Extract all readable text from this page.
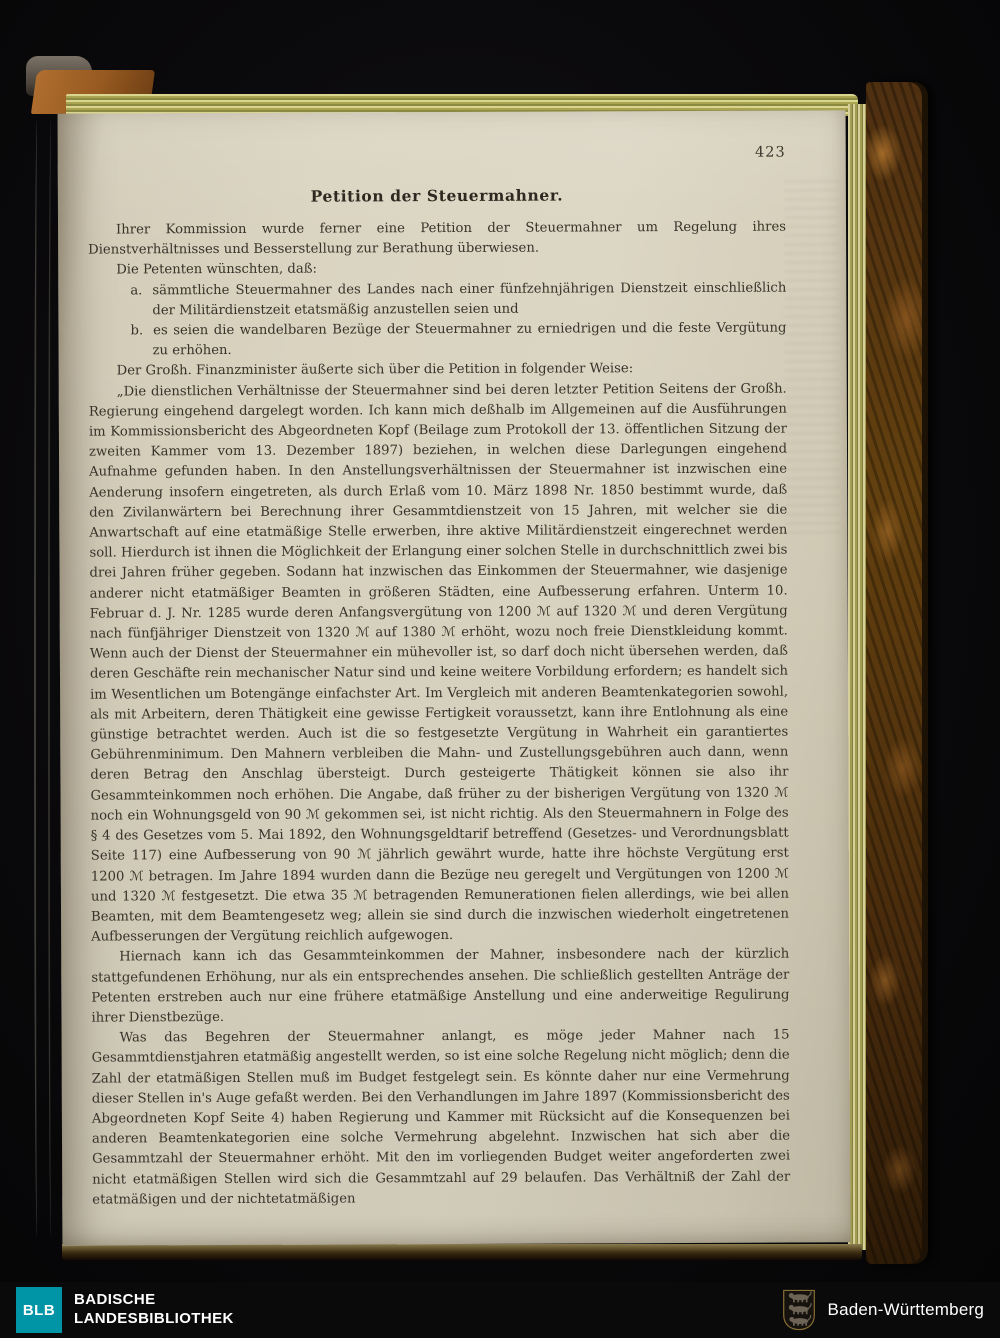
423
Petition der Steuermahner.

Ihrer Kommission wurde ferner eine Petition der Steuermahner um Regelung ihres Dienstverhältnisses und Besserstellung zur Berathung überwiesen.

Die Petenten wünschten, daß:

a. sämmtliche Steuermahner des Landes nach einer fünfzehnjährigen Dienstzeit einschließlich der Militärdienstzeit etatsmäßig anzustellen seien und

b. es seien die wandelbaren Bezüge der Steuermahner zu erniedrigen und die feste Vergütung zu erhöhen.

Der Großh. Finanzminister äußerte sich über die Petition in folgender Weise:

„Die dienstlichen Verhältnisse der Steuermahner sind bei deren letzter Petition Seitens der Großh. Regierung eingehend dargelegt worden. Ich kann mich deßhalb im Allgemeinen auf die Ausführungen im Kommissionsbericht des Abgeordneten Kopf (Beilage zum Protokoll der 13. öffentlichen Sitzung der zweiten Kammer vom 13. Dezember 1897) beziehen, in welchen diese Darlegungen eingehend Aufnahme gefunden haben. In den Anstellungsverhältnissen der Steuermahner ist inzwischen eine Aenderung insofern eingetreten, als durch Erlaß vom 10. März 1898 Nr. 1850 bestimmt wurde, daß den Zivilanwärtern bei Berechnung ihrer Gesammtdienstzeit von 15 Jahren, mit welcher sie die Anwartschaft auf eine etatmäßige Stelle erwerben, ihre aktive Militärdienstzeit eingerechnet werden soll. Hierdurch ist ihnen die Möglichkeit der Erlangung einer solchen Stelle in durchschnittlich zwei bis drei Jahren früher gegeben. Sodann hat inzwischen das Einkommen der Steuermahner, wie dasjenige anderer nicht etatmäßiger Beamten in größeren Städten, eine Aufbesserung erfahren. Unterm 10. Februar d. J. Nr. 1285 wurde deren Anfangsvergütung von 1200 ℳ auf 1320 ℳ und deren Vergütung nach fünfjähriger Dienstzeit von 1320 ℳ auf 1380 ℳ erhöht, wozu noch freie Dienstkleidung kommt. Wenn auch der Dienst der Steuermahner ein mühevoller ist, so darf doch nicht übersehen werden, daß deren Geschäfte rein mechanischer Natur sind und keine weitere Vorbildung erfordern; es handelt sich im Wesentlichen um Botengänge einfachster Art. Im Vergleich mit anderen Beamtenkategorien sowohl, als mit Arbeitern, deren Thätigkeit eine gewisse Fertigkeit voraussetzt, kann ihre Entlohnung als eine günstige betrachtet werden. Auch ist die so festgesetzte Vergütung in Wahrheit ein garantiertes Gebührenminimum. Den Mahnern verbleiben die Mahn- und Zustellungsgebühren auch dann, wenn deren Betrag den Anschlag übersteigt. Durch gesteigerte Thätigkeit können sie also ihr Gesammteinkommen noch erhöhen. Die Angabe, daß früher zu der bisherigen Vergütung von 1320 ℳ noch ein Wohnungsgeld von 90 ℳ gekommen sei, ist nicht richtig. Als den Steuermahnern in Folge des § 4 des Gesetzes vom 5. Mai 1892, den Wohnungsgeldtarif betreffend (Gesetzes- und Verordnungsblatt Seite 117) eine Aufbesserung von 90 ℳ jährlich gewährt wurde, hatte ihre höchste Vergütung erst 1200 ℳ betragen. Im Jahre 1894 wurden dann die Bezüge neu geregelt und Vergütungen von 1200 ℳ und 1320 ℳ festgesetzt. Die etwa 35 ℳ betragenden Remunerationen fielen allerdings, wie bei allen Beamten, mit dem Beamtengesetz weg; allein sie sind durch die inzwischen wiederholt eingetretenen Aufbesserungen der Vergütung reichlich aufgewogen.

Hiernach kann ich das Gesammteinkommen der Mahner, insbesondere nach der kürzlich stattgefundenen Erhöhung, nur als ein entsprechendes ansehen. Die schließlich gestellten Anträge der Petenten erstreben auch nur eine frühere etatmäßige Anstellung und eine anderweitige Regulirung ihrer Dienstbezüge.

Was das Begehren der Steuermahner anlangt, es möge jeder Mahner nach 15 Gesammtdienstjahren etatmäßig angestellt werden, so ist eine solche Regelung nicht möglich; denn die Zahl der etatmäßigen Stellen muß im Budget festgelegt sein. Es könnte daher nur eine Vermehrung dieser Stellen in's Auge gefaßt werden. Bei den Verhandlungen im Jahre 1897 (Kommissionsbericht des Abgeordneten Kopf Seite 4) haben Regierung und Kammer mit Rücksicht auf die Konsequenzen bei anderen Beamtenkategorien eine solche Vermehrung abgelehnt. Inzwischen hat sich aber die Gesammtzahl der Steuermahner erhöht. Mit den im vorliegenden Budget weiter angeforderten zwei nicht etatmäßigen Stellen wird sich die Gesammtzahl auf 29 belaufen. Das Verhältniß der Zahl der etatmäßigen und der nichtetatmäßigen

BLB
BADISCHE
LANDESBIBLIOTHEK	Baden-Württemberg
